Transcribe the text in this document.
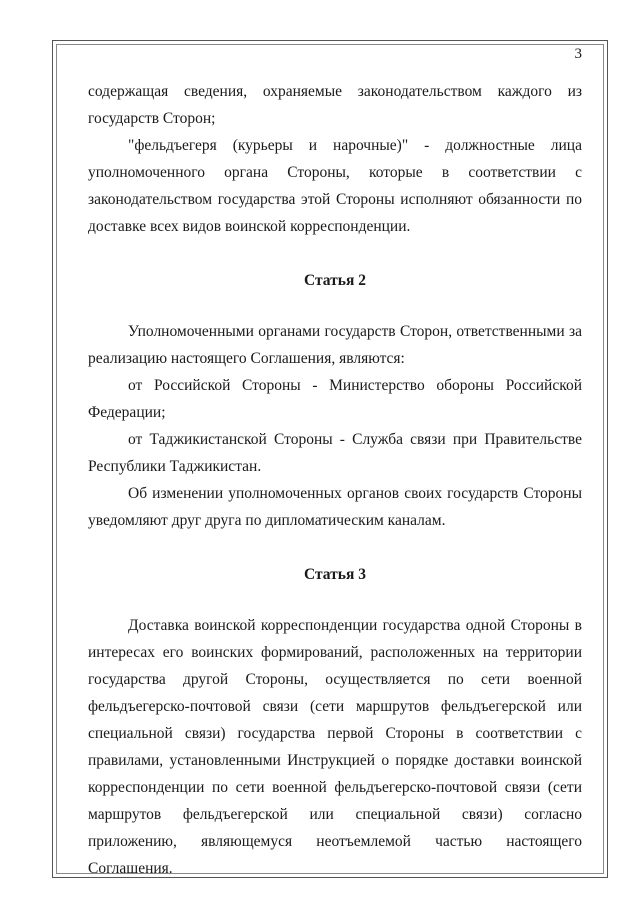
3

содержащая сведения, охраняемые законодательством каждого из государств Сторон;

"фельдъегеря (курьеры и нарочные)" - должностные лица уполномоченного органа Стороны, которые в соответствии с законодательством государства этой Стороны исполняют обязанности по доставке всех видов воинской корреспонденции.

Статья 2

Уполномоченными органами государств Сторон, ответственными за реализацию настоящего Соглашения, являются:

от Российской Стороны - Министерство обороны Российской Федерации;

от Таджикистанской Стороны - Служба связи при Правительстве Республики Таджикистан.

Об изменении уполномоченных органов своих государств Стороны уведомляют друг друга по дипломатическим каналам.

Статья 3

Доставка воинской корреспонденции государства одной Стороны в интересах его воинских формирований, расположенных на территории государства другой Стороны, осуществляется по сети военной фельдъегерско-почтовой связи (сети маршрутов фельдъегерской или специальной связи) государства первой Стороны в соответствии с правилами, установленными Инструкцией о порядке доставки воинской корреспонденции по сети военной фельдъегерско-почтовой связи (сети маршрутов фельдъегерской или специальной связи) согласно приложению, являющемуся неотъемлемой частью настоящего Соглашения.
